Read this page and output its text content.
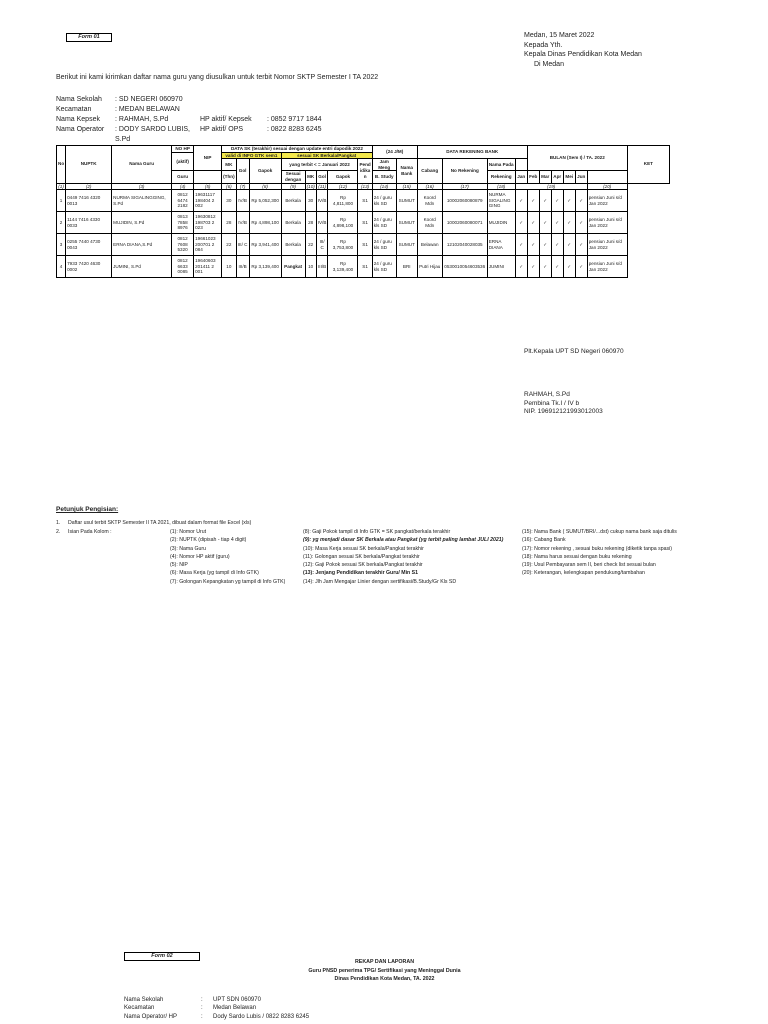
Form 01	Medan, 15 Maret 2022
Kepada Yth.
Kepala Dinas Pendidikan Kota Medan
Di Medan
Berikut ini kami kirimkan daftar nama guru yang diusulkan untuk terbit Nomor SKTP Semester I TA 2022
Nama Sekolah	: SD NEGERI 060970		
Kecamatan	: MEDAN BELAWAN		
Nama Kepsek	: RAHMAH, S.Pd	HP aktif/ Kepsek	: 0852 9717 1844
Nama Operator	: DODY SARDO LUBIS, S.Pd	HP aktif/ OPS	: 0822 8283 6245
No	NUPTK	Nama Guru	NO HP	NIP	DATA SK (terakhir) sesuai dengan update entri dapodik 2022								(24 J/M)		DATA REKENING BANK				BULAN (Sem I) / TA. 2022						KET
			(aktif)		valid di INFO GTK sem1			sesuai SK Berkala/Pangkat																	
					MK	Gol	Gapok	yang terbit < = Januari 2022				Pend idika n	Jam Meng	Nama Bank	Cabang	No Rekening	Nama Pada								
			Guru		(Thn)			Sesuai dengan	MK	Gol	Gapok		B. Study				Rekening	Jan	Feb	Mar	Apr	Mei	Jun		
(1)	(2)	(3)	(4)	(5)	(6)	(7)	(8)	(9)	(10)	(11)	(12)	(13)	(14)	(15)	(16)	(17)	(18)	(19)						(20)	
1	0449 7416 4320 0013	NURMA SIGALINGGING, S.Pd	0812 6474 2182	19631117 198404 2 002	30	IV/B	Rp 5,052,300	Berkala	30	IV/B	Rp 4,811,800	S1	24 / guru kls SD	SUMUT	Koord Mdn	10002060080879	NURMA SIGALING GING	✓	✓	✓	✓	✓	✓	pensiun Juni s/d Jan 2022	
2	1144 7416 4330 0033	MUJIDIN, S.Pd	0813 7858 8976	19630812 198703 2 023	28	IV/B	Rp 4,898,100	Berkala	28	IV/B	Rp 4,898,100	S1	24 / guru kls SD	SUMUT	Koord Mdn	10002060080071	MUJIDIN	✓	✓	✓	✓	✓	✓	pensiun Juni s/d Jan 2022	
3	0255 7440 4730 0043	ERNA DIANA,S.Pd	0812 7608 5320	19661023 200701 2 084	22	III/ C	Rp 3,941,400	Berkala	22	III/ C	Rp 3,753,800	S1	24 / guru kls SD	SUMUT	Belawan	12102040028035	ERNA DIANA	✓	✓	✓	✓	✓	✓	pensiun Juni s/d Jan 2022	
4	7933 7420 4630 0002	JUMINI, S.Pd	0812 6633 0085	19640603 201411 2 001	10	III/B	Rp 3,139,400	Pangkat	10	III/B	Rp 3,139,400	S1	24 / guru kls SD	BRI	Putri Hijau	0530010054603536	JUMINI	✓	✓	✓	✓	✓	✓	pensiun Juni s/d Jan 2022	
Plt.Kepala UPT SD Negeri 060970
RAHMAH, S.Pd
Pembina Tk.I / IV b
NIP. 196912121993012003
Petunjuk Pengisian:
1. Daftar usul terbit SKTP Semester II TA 2021, dibuat dalam format file Excel (xls)
2. Isian Pada Kolom :	(1): Nomor Urut
(2): NUPTK (dipisah - tiap 4 digit)
(3): Nama Guru
(4): Nomor HP aktif (guru)
(5): NIP
(6): Masa Kerja (yg tampil di Info GTK)
(7): Golongan Kepangkatan yg tampil di Info GTK)
(8): Gaji Pokok tampil di Info GTK = SK pangkat/berkala terakhir
(9): yg menjadi dasar SK Berkala atau Pangkat (yg terbit paling lambat JULI 2021)
(10): Masa Kerja sesuai SK berkala/Pangkat terakhir
(11): Golongan sesuai SK berkala/Pangkat terakhir
(12): Gaji Pokok sesuai SK berkala/Pangkat terakhir
(13): Jenjang Pendidikan terakhir Guru/ Min S1
(14): Jlh Jam Mengajar Linier dengan sertifikasi/B.Study/Gr Kls SD
(15): Nama Bank ( SUMUT/BRI/...dst) cukup nama bank saja ditulis
(16): Cabang Bank
(17): Nomor rekening , sesuai buku rekening (diketik tanpa spasi)
(18): Nama harus sesuai dengan buku rekening
(19): Usul Pembayaran sem II, beri check list sesuai bulan
(20): Keterangan, kelengkapan pendukung/tambahan
Form 02
REKAP DAN LAPORAN
Guru PNSD penerima TPG/ Sertifikasi yang Meninggal Dunia
Dinas Pendidikan Kota Medan, TA. 2022
Nama Sekolah	:	UPT SDN 060970
Kecamatan	:	Medan Belawan
Nama Operator/ HP	:	Dody Sardo Lubis / 0822 8283 6245
